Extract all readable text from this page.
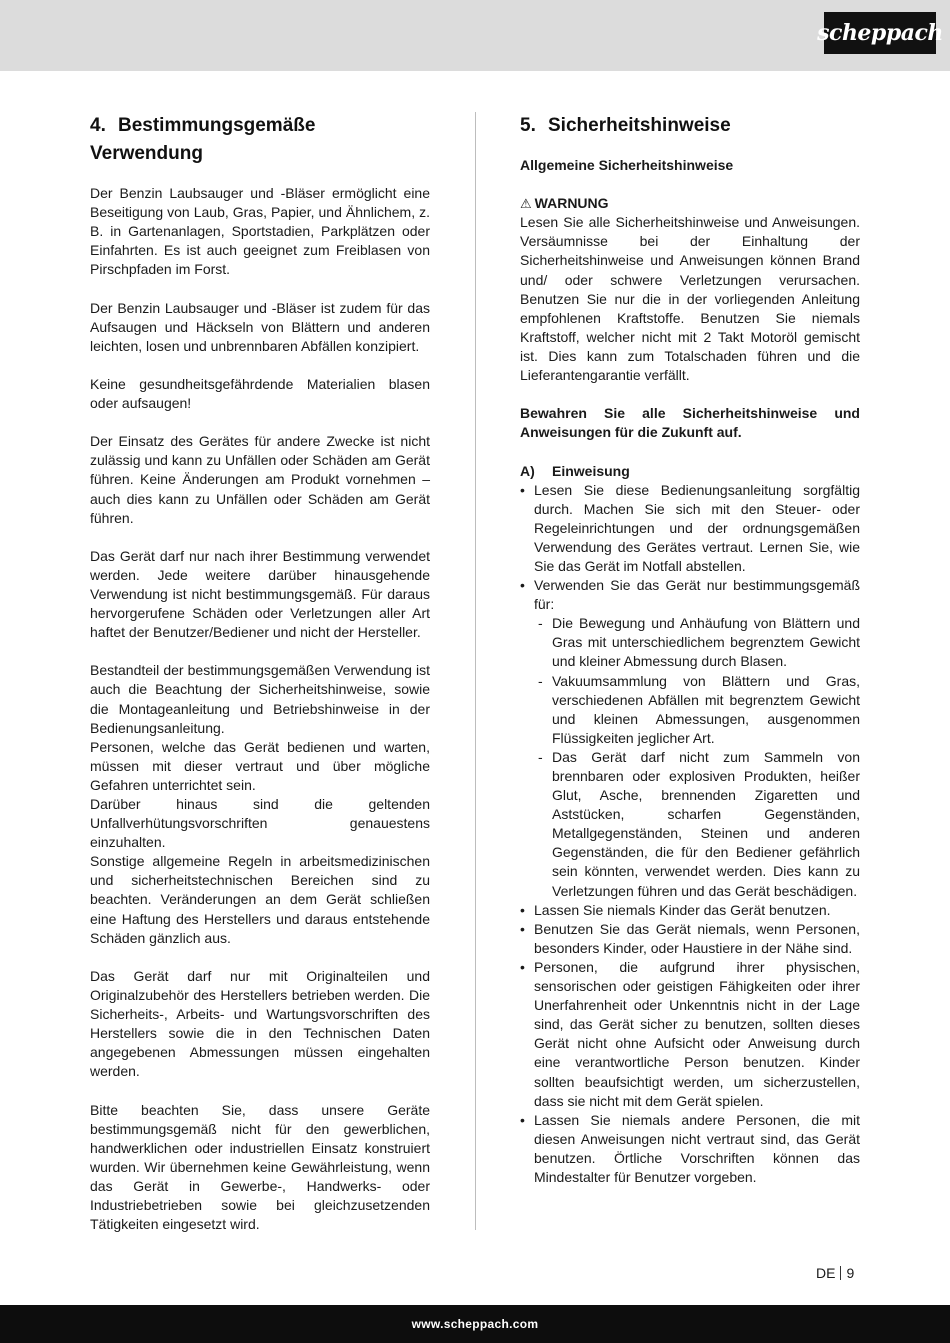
scheppach
4. Bestimmungsgemäße Verwendung

Der Benzin Laubsauger und -Bläser ermöglicht eine Beseitigung von Laub, Gras, Papier, und Ähnlichem, z. B. in Gartenanlagen, Sportstadien, Parkplätzen oder Einfahrten. Es ist auch geeignet zum Freiblasen von Pirschpfaden im Forst.

Der Benzin Laubsauger und -Bläser ist zudem für das Aufsaugen und Häckseln von Blättern und anderen leichten, losen und unbrennbaren Abfällen konzipiert.

Keine gesundheitsgefährdende Materialien blasen oder aufsaugen!

Der Einsatz des Gerätes für andere Zwecke ist nicht zulässig und kann zu Unfällen oder Schäden am Gerät führen. Keine Änderungen am Produkt vornehmen – auch dies kann zu Unfällen oder Schäden am Gerät führen.

Das Gerät darf nur nach ihrer Bestimmung verwendet werden. Jede weitere darüber hinausgehende Verwendung ist nicht bestimmungsgemäß. Für daraus hervorgerufene Schäden oder Verletzungen aller Art haftet der Benutzer/Bediener und nicht der Hersteller.

Bestandteil der bestimmungsgemäßen Verwendung ist auch die Beachtung der Sicherheitshinweise, sowie die Montageanleitung und Betriebshinweise in der Bedienungsanleitung.

Personen, welche das Gerät bedienen und warten, müssen mit dieser vertraut und über mögliche Gefahren unterrichtet sein.

Darüber hinaus sind die geltenden Unfallverhütungsvorschriften genauestens einzuhalten.

Sonstige allgemeine Regeln in arbeitsmedizinischen und sicherheitstechnischen Bereichen sind zu beachten. Veränderungen an dem Gerät schließen eine Haftung des Herstellers und daraus entstehende Schäden gänzlich aus.

Das Gerät darf nur mit Originalteilen und Originalzubehör des Herstellers betrieben werden. Die Sicherheits-, Arbeits- und Wartungsvorschriften des Herstellers sowie die in den Technischen Daten angegebenen Abmessungen müssen eingehalten werden.

Bitte beachten Sie, dass unsere Geräte bestimmungsgemäß nicht für den gewerblichen, handwerklichen oder industriellen Einsatz konstruiert wurden. Wir übernehmen keine Gewährleistung, wenn das Gerät in Gewerbe-, Handwerks- oder Industriebetrieben sowie bei gleichzusetzenden Tätigkeiten eingesetzt wird.

5. Sicherheitshinweise

Allgemeine Sicherheitshinweise

⚠ WARNUNG

Lesen Sie alle Sicherheitshinweise und Anweisungen. Versäumnisse bei der Einhaltung der Sicherheitshinweise und Anweisungen können Brand und/ oder schwere Verletzungen verursachen. Benutzen Sie nur die in der vorliegenden Anleitung empfohlenen Kraftstoffe. Benutzen Sie niemals Kraftstoff, welcher nicht mit 2 Takt Motoröl gemischt ist. Dies kann zum Totalschaden führen und die Lieferantengarantie verfällt.

Bewahren Sie alle Sicherheitshinweise und Anweisungen für die Zukunft auf.

A) Einweisung

• Lesen Sie diese Bedienungsanleitung sorgfältig durch. Machen Sie sich mit den Steuer- oder Regeleinrichtungen und der ordnungsgemäßen Verwendung des Gerätes vertraut. Lernen Sie, wie Sie das Gerät im Notfall abstellen.
• Verwenden Sie das Gerät nur bestimmungsgemäß für:
- Die Bewegung und Anhäufung von Blättern und Gras mit unterschiedlichem begrenztem Gewicht und kleiner Abmessung durch Blasen.
- Vakuumsammlung von Blättern und Gras, verschiedenen Abfällen mit begrenztem Gewicht und kleinen Abmessungen, ausgenommen Flüssigkeiten jeglicher Art.
- Das Gerät darf nicht zum Sammeln von brennbaren oder explosiven Produkten, heißer Glut, Asche, brennenden Zigaretten und Aststücken, scharfen Gegenständen, Metallgegenständen, Steinen und anderen Gegenständen, die für den Bediener gefährlich sein könnten, verwendet werden. Dies kann zu Verletzungen führen und das Gerät beschädigen.
• Lassen Sie niemals Kinder das Gerät benutzen.
• Benutzen Sie das Gerät niemals, wenn Personen, besonders Kinder, oder Haustiere in der Nähe sind.
• Personen, die aufgrund ihrer physischen, sensorischen oder geistigen Fähigkeiten oder ihrer Unerfahrenheit oder Unkenntnis nicht in der Lage sind, das Gerät sicher zu benutzen, sollten dieses Gerät nicht ohne Aufsicht oder Anweisung durch eine verantwortliche Person benutzen. Kinder sollten beaufsichtigt werden, um sicherzustellen, dass sie nicht mit dem Gerät spielen.
• Lassen Sie niemals andere Personen, die mit diesen Anweisungen nicht vertraut sind, das Gerät benutzen. Örtliche Vorschriften können das Mindestalter für Benutzer vorgeben.
DE 9
www.scheppach.com
